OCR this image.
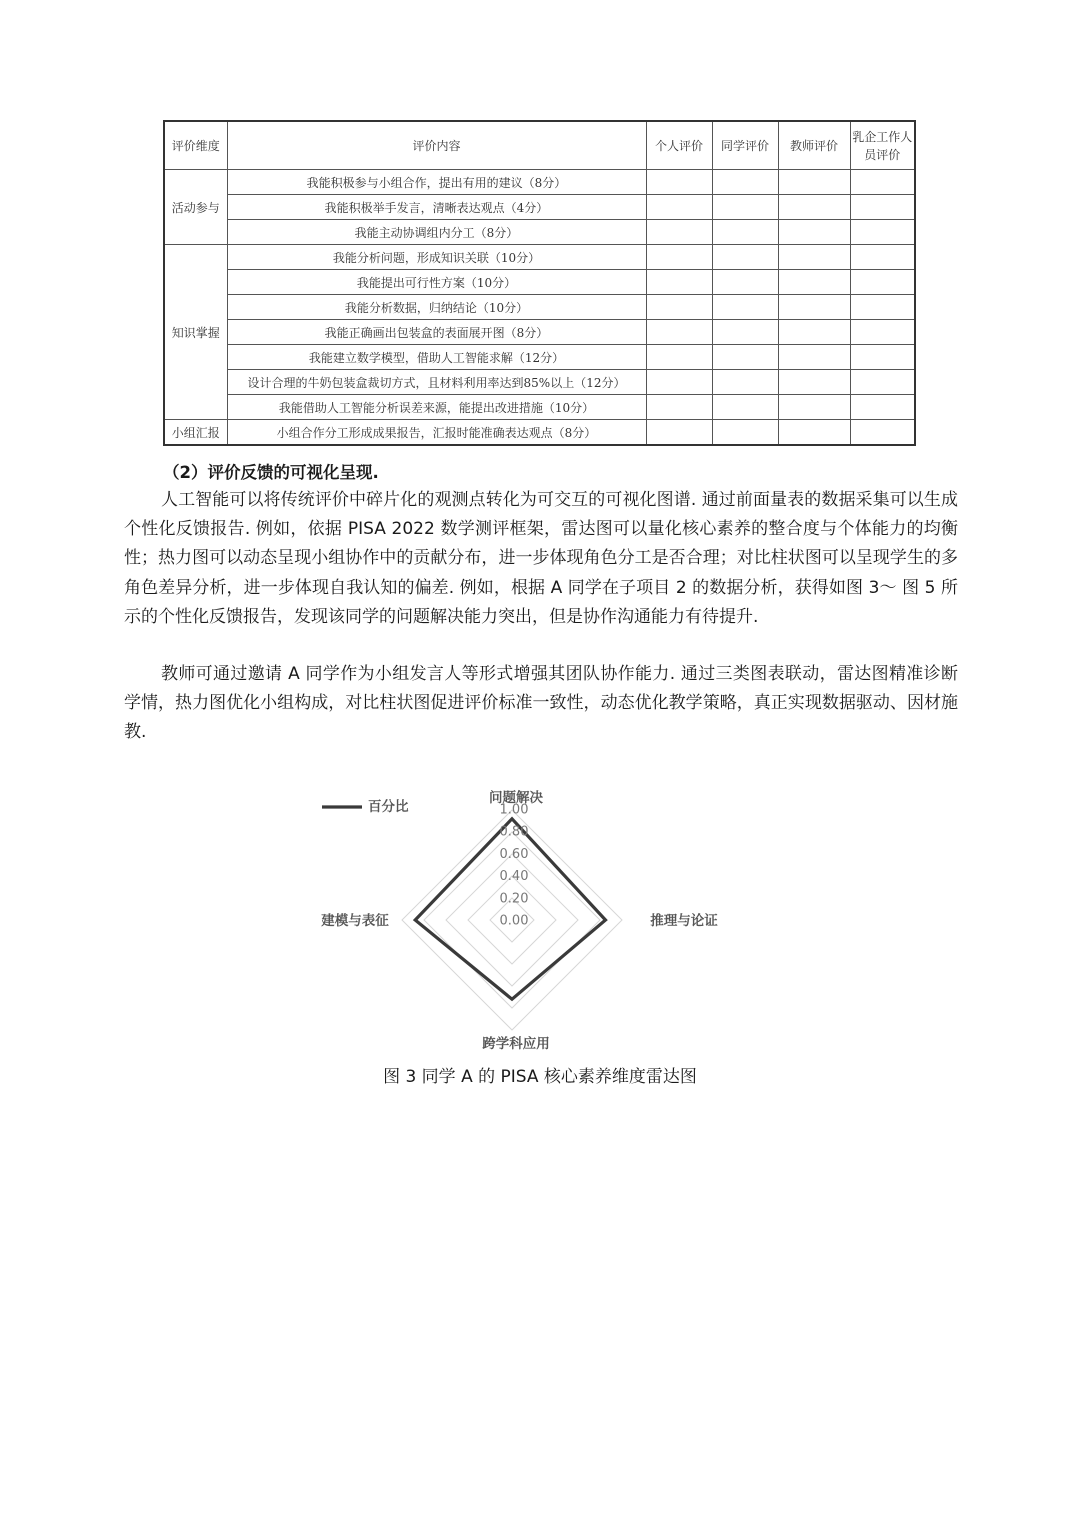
评价维度	评价内容	个人评价	同学评价	教师评价	乳企工作人员评价
活动参与	我能积极参与小组合作，提出有用的建议（8分）				
	我能积极举手发言，清晰表达观点（4分）				
	我能主动协调组内分工（8分）				
知识掌握	我能分析问题，形成知识关联（10分）				
	我能提出可行性方案（10分）				
	我能分析数据，归纳结论（10分）				
	我能正确画出包装盒的表面展开图（8分）				
	我能建立数学模型，借助人工智能求解（12分）				
	设计合理的牛奶包装盒裁切方式，且材料利用率达到85%以上（12分）				
	我能借助人工智能分析误差来源，能提出改进措施（10分）				
小组汇报	小组合作分工形成成果报告，汇报时能准确表达观点（8分）				
（2）评价反馈的可视化呈现.
人工智能可以将传统评价中碎片化的观测点转化为可交互的可视化图谱. 通过前面量表的数据采集可以生成个性化反馈报告. 例如，依据 PISA 2022 数学测评框架，雷达图可以量化核心素养的整合度与个体能力的均衡性；热力图可以动态呈现小组协作中的贡献分布，进一步体现角色分工是否合理；对比柱状图可以呈现学生的多角色差异分析，进一步体现自我认知的偏差. 例如，根据 A 同学在子项目 2 的数据分析，获得如图 3～ 图 5 所示的个性化反馈报告，发现该同学的问题解决能力突出，但是协作沟通能力有待提升.
教师可通过邀请 A 同学作为小组发言人等形式增强其团队协作能力. 通过三类图表联动，雷达图精准诊断学情，热力图优化小组构成，对比柱状图促进评价标准一致性，动态优化教学策略，真正实现数据驱动、因材施教.
0.00
0.20
0.40
0.60
0.80
1.00
问题解决
推理与论证
跨学科应用
建模与表征
百分比
图 3 同学 A 的 PISA 核心素养维度雷达图
